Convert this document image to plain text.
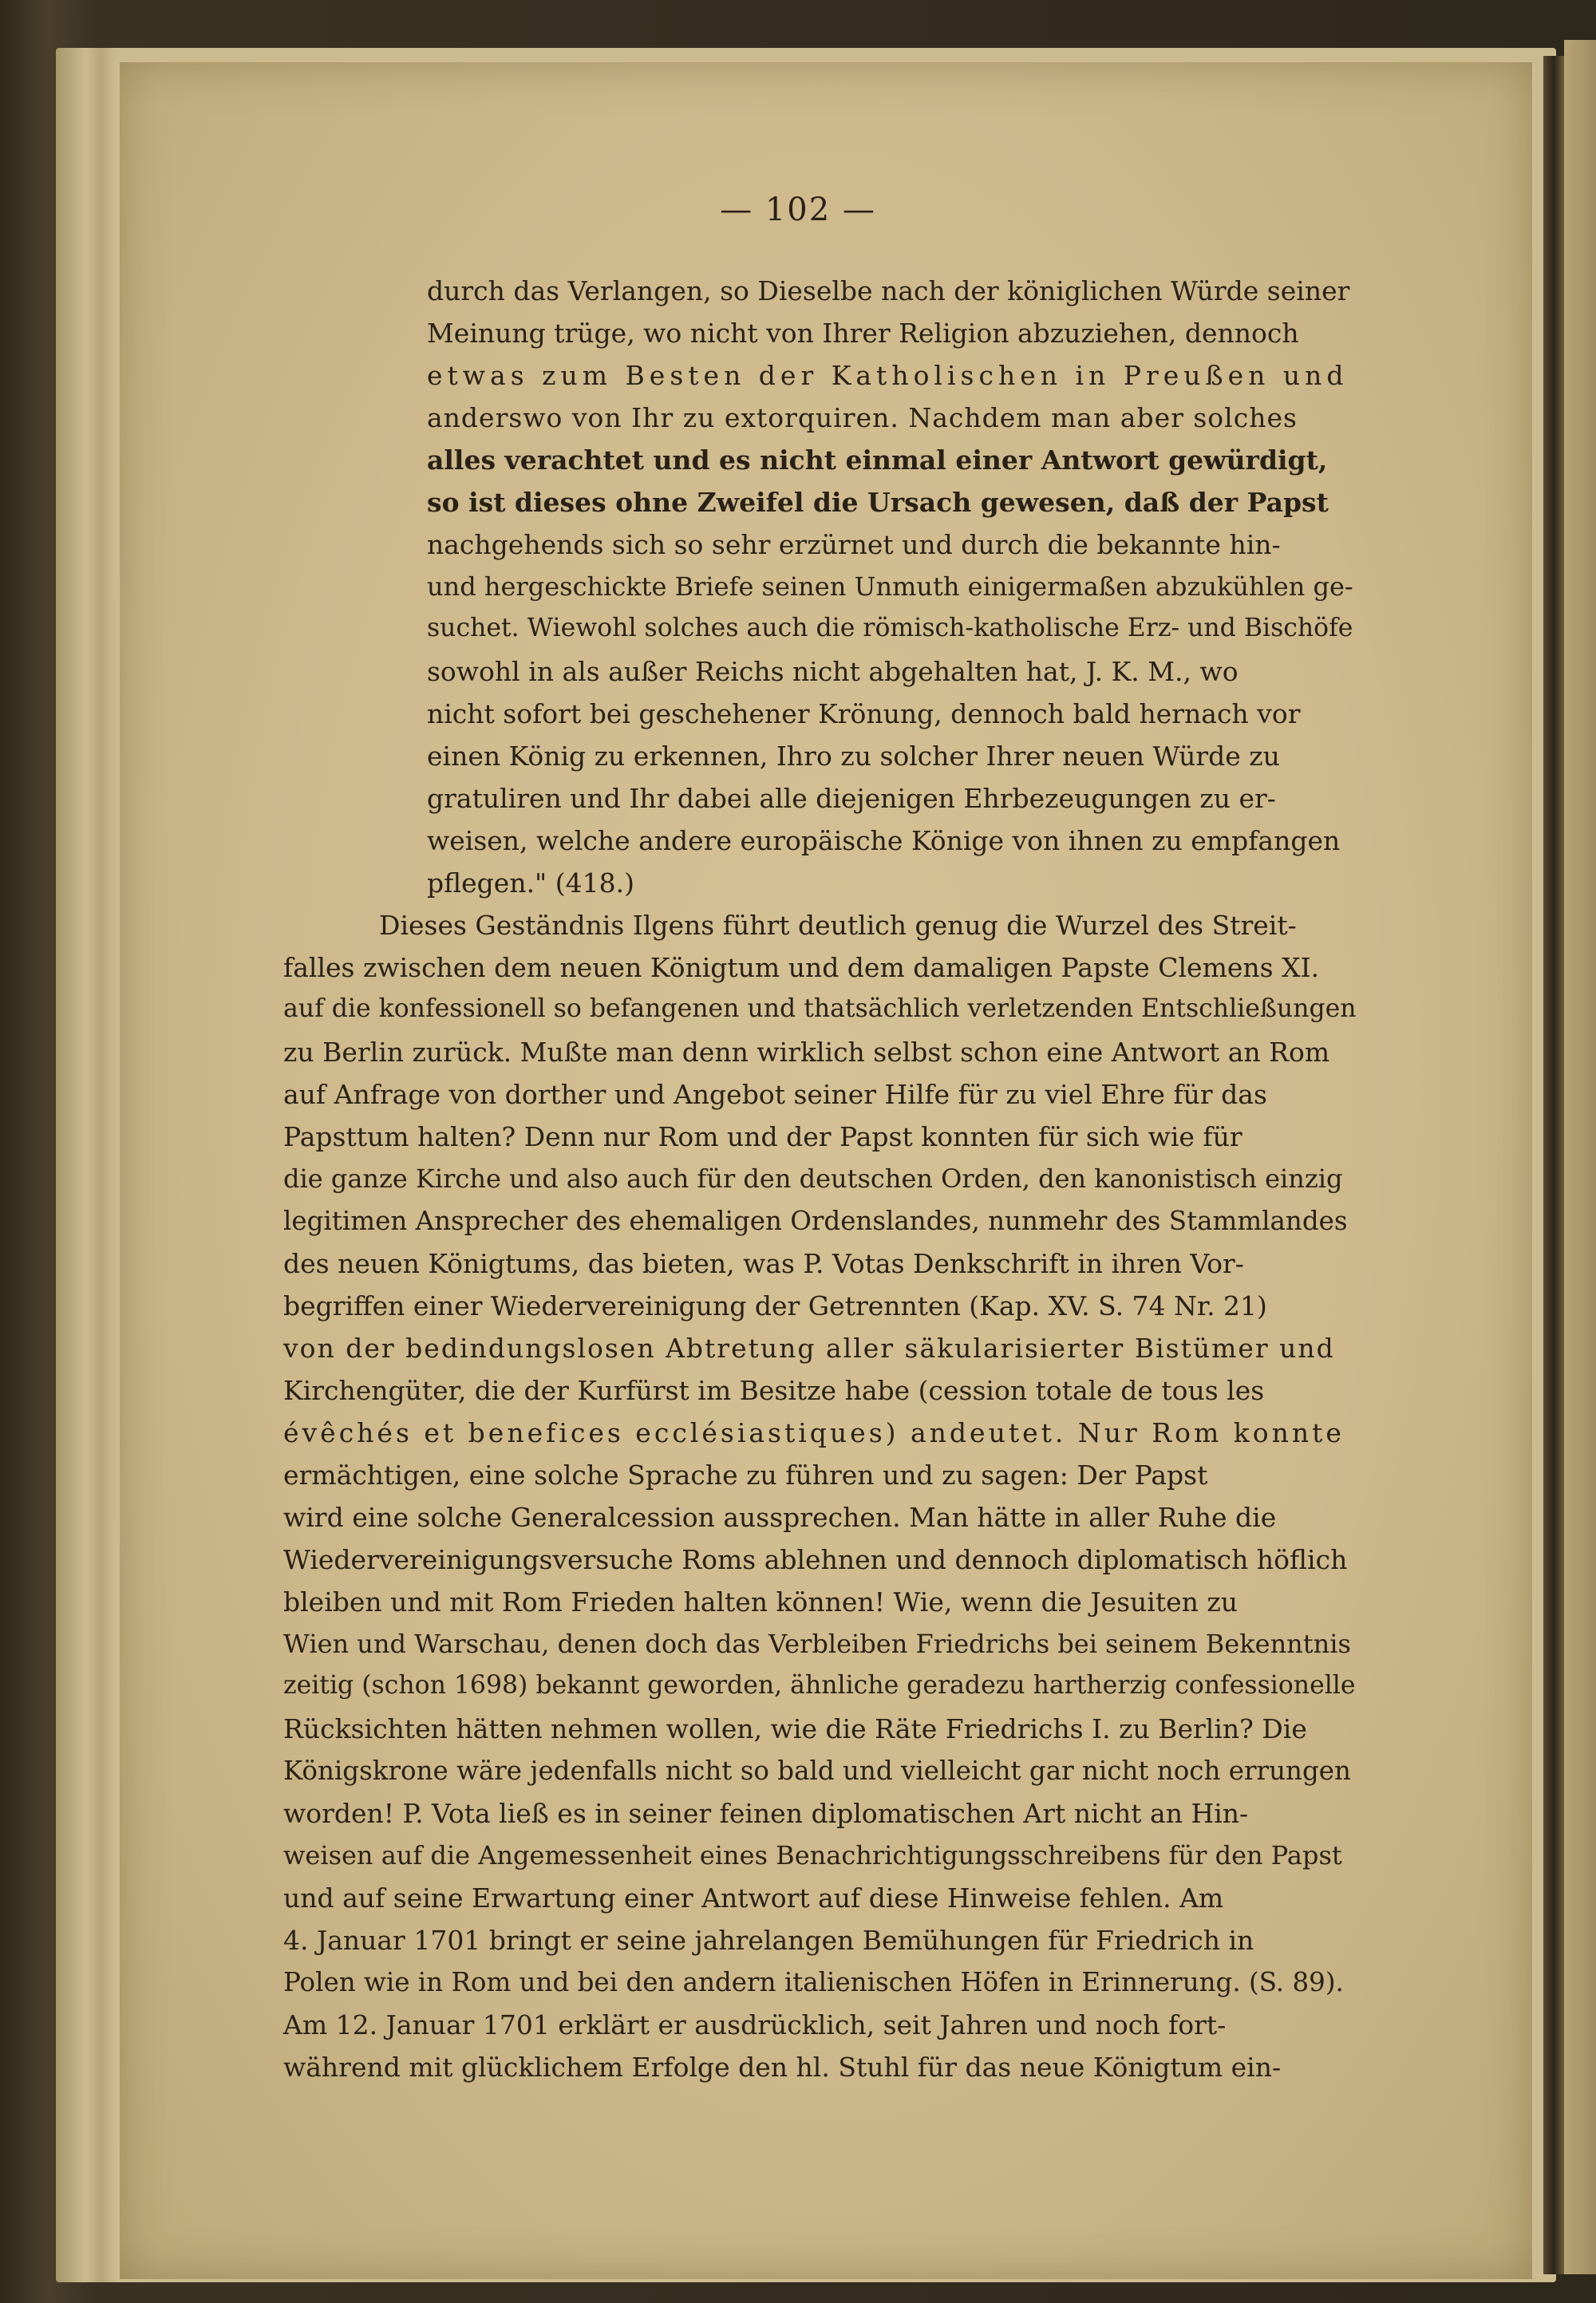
— 102 —
durch das Verlangen, so Dieselbe nach der königlichen Würde seiner
Meinung trüge, wo nicht von Ihrer Religion abzuziehen, dennoch
etwas zum Besten der Katholischen in Preußen und
anderswo von Ihr zu extorquiren. Nachdem man aber solches
alles verachtet und es nicht einmal einer Antwort gewürdigt,
so ist dieses ohne Zweifel die Ursach gewesen, daß der Papst
nachgehends sich so sehr erzürnet und durch die bekannte hin-
und hergeschickte Briefe seinen Unmuth einigermaßen abzukühlen ge-
suchet. Wiewohl solches auch die römisch-katholische Erz- und Bischöfe
sowohl in als außer Reichs nicht abgehalten hat, J. K. M., wo
nicht sofort bei geschehener Krönung, dennoch bald hernach vor
einen König zu erkennen, Ihro zu solcher Ihrer neuen Würde zu
gratuliren und Ihr dabei alle diejenigen Ehrbezeugungen zu er-
weisen, welche andere europäische Könige von ihnen zu empfangen
pflegen." (418.)
Dieses Geständnis Ilgens führt deutlich genug die Wurzel des Streit-
falles zwischen dem neuen Königtum und dem damaligen Papste Clemens XI.
auf die konfessionell so befangenen und thatsächlich verletzenden Entschließungen
zu Berlin zurück. Mußte man denn wirklich selbst schon eine Antwort an Rom
auf Anfrage von dorther und Angebot seiner Hilfe für zu viel Ehre für das
Papsttum halten? Denn nur Rom und der Papst konnten für sich wie für
die ganze Kirche und also auch für den deutschen Orden, den kanonistisch einzig
legitimen Ansprecher des ehemaligen Ordenslandes, nunmehr des Stammlandes
des neuen Königtums, das bieten, was P. Votas Denkschrift in ihren Vor-
begriffen einer Wiedervereinigung der Getrennten (Kap. XV. S. 74 Nr. 21)
von der bedindungslosen Abtretung aller säkularisierter Bistümer und
Kirchengüter, die der Kurfürst im Besitze habe (cession totale de tous les
évêchés et benefices ecclésiastiques) andeutet. Nur Rom konnte
ermächtigen, eine solche Sprache zu führen und zu sagen: Der Papst
wird eine solche Generalcession aussprechen. Man hätte in aller Ruhe die
Wiedervereinigungsversuche Roms ablehnen und dennoch diplomatisch höflich
bleiben und mit Rom Frieden halten können! Wie, wenn die Jesuiten zu
Wien und Warschau, denen doch das Verbleiben Friedrichs bei seinem Bekenntnis
zeitig (schon 1698) bekannt geworden, ähnliche geradezu hartherzig confessionelle
Rücksichten hätten nehmen wollen, wie die Räte Friedrichs I. zu Berlin? Die
Königskrone wäre jedenfalls nicht so bald und vielleicht gar nicht noch errungen
worden! P. Vota ließ es in seiner feinen diplomatischen Art nicht an Hin-
weisen auf die Angemessenheit eines Benachrichtigungsschreibens für den Papst
und auf seine Erwartung einer Antwort auf diese Hinweise fehlen. Am
4. Januar 1701 bringt er seine jahrelangen Bemühungen für Friedrich in
Polen wie in Rom und bei den andern italienischen Höfen in Erinnerung. (S. 89).
Am 12. Januar 1701 erklärt er ausdrücklich, seit Jahren und noch fort-
während mit glücklichem Erfolge den hl. Stuhl für das neue Königtum ein-
